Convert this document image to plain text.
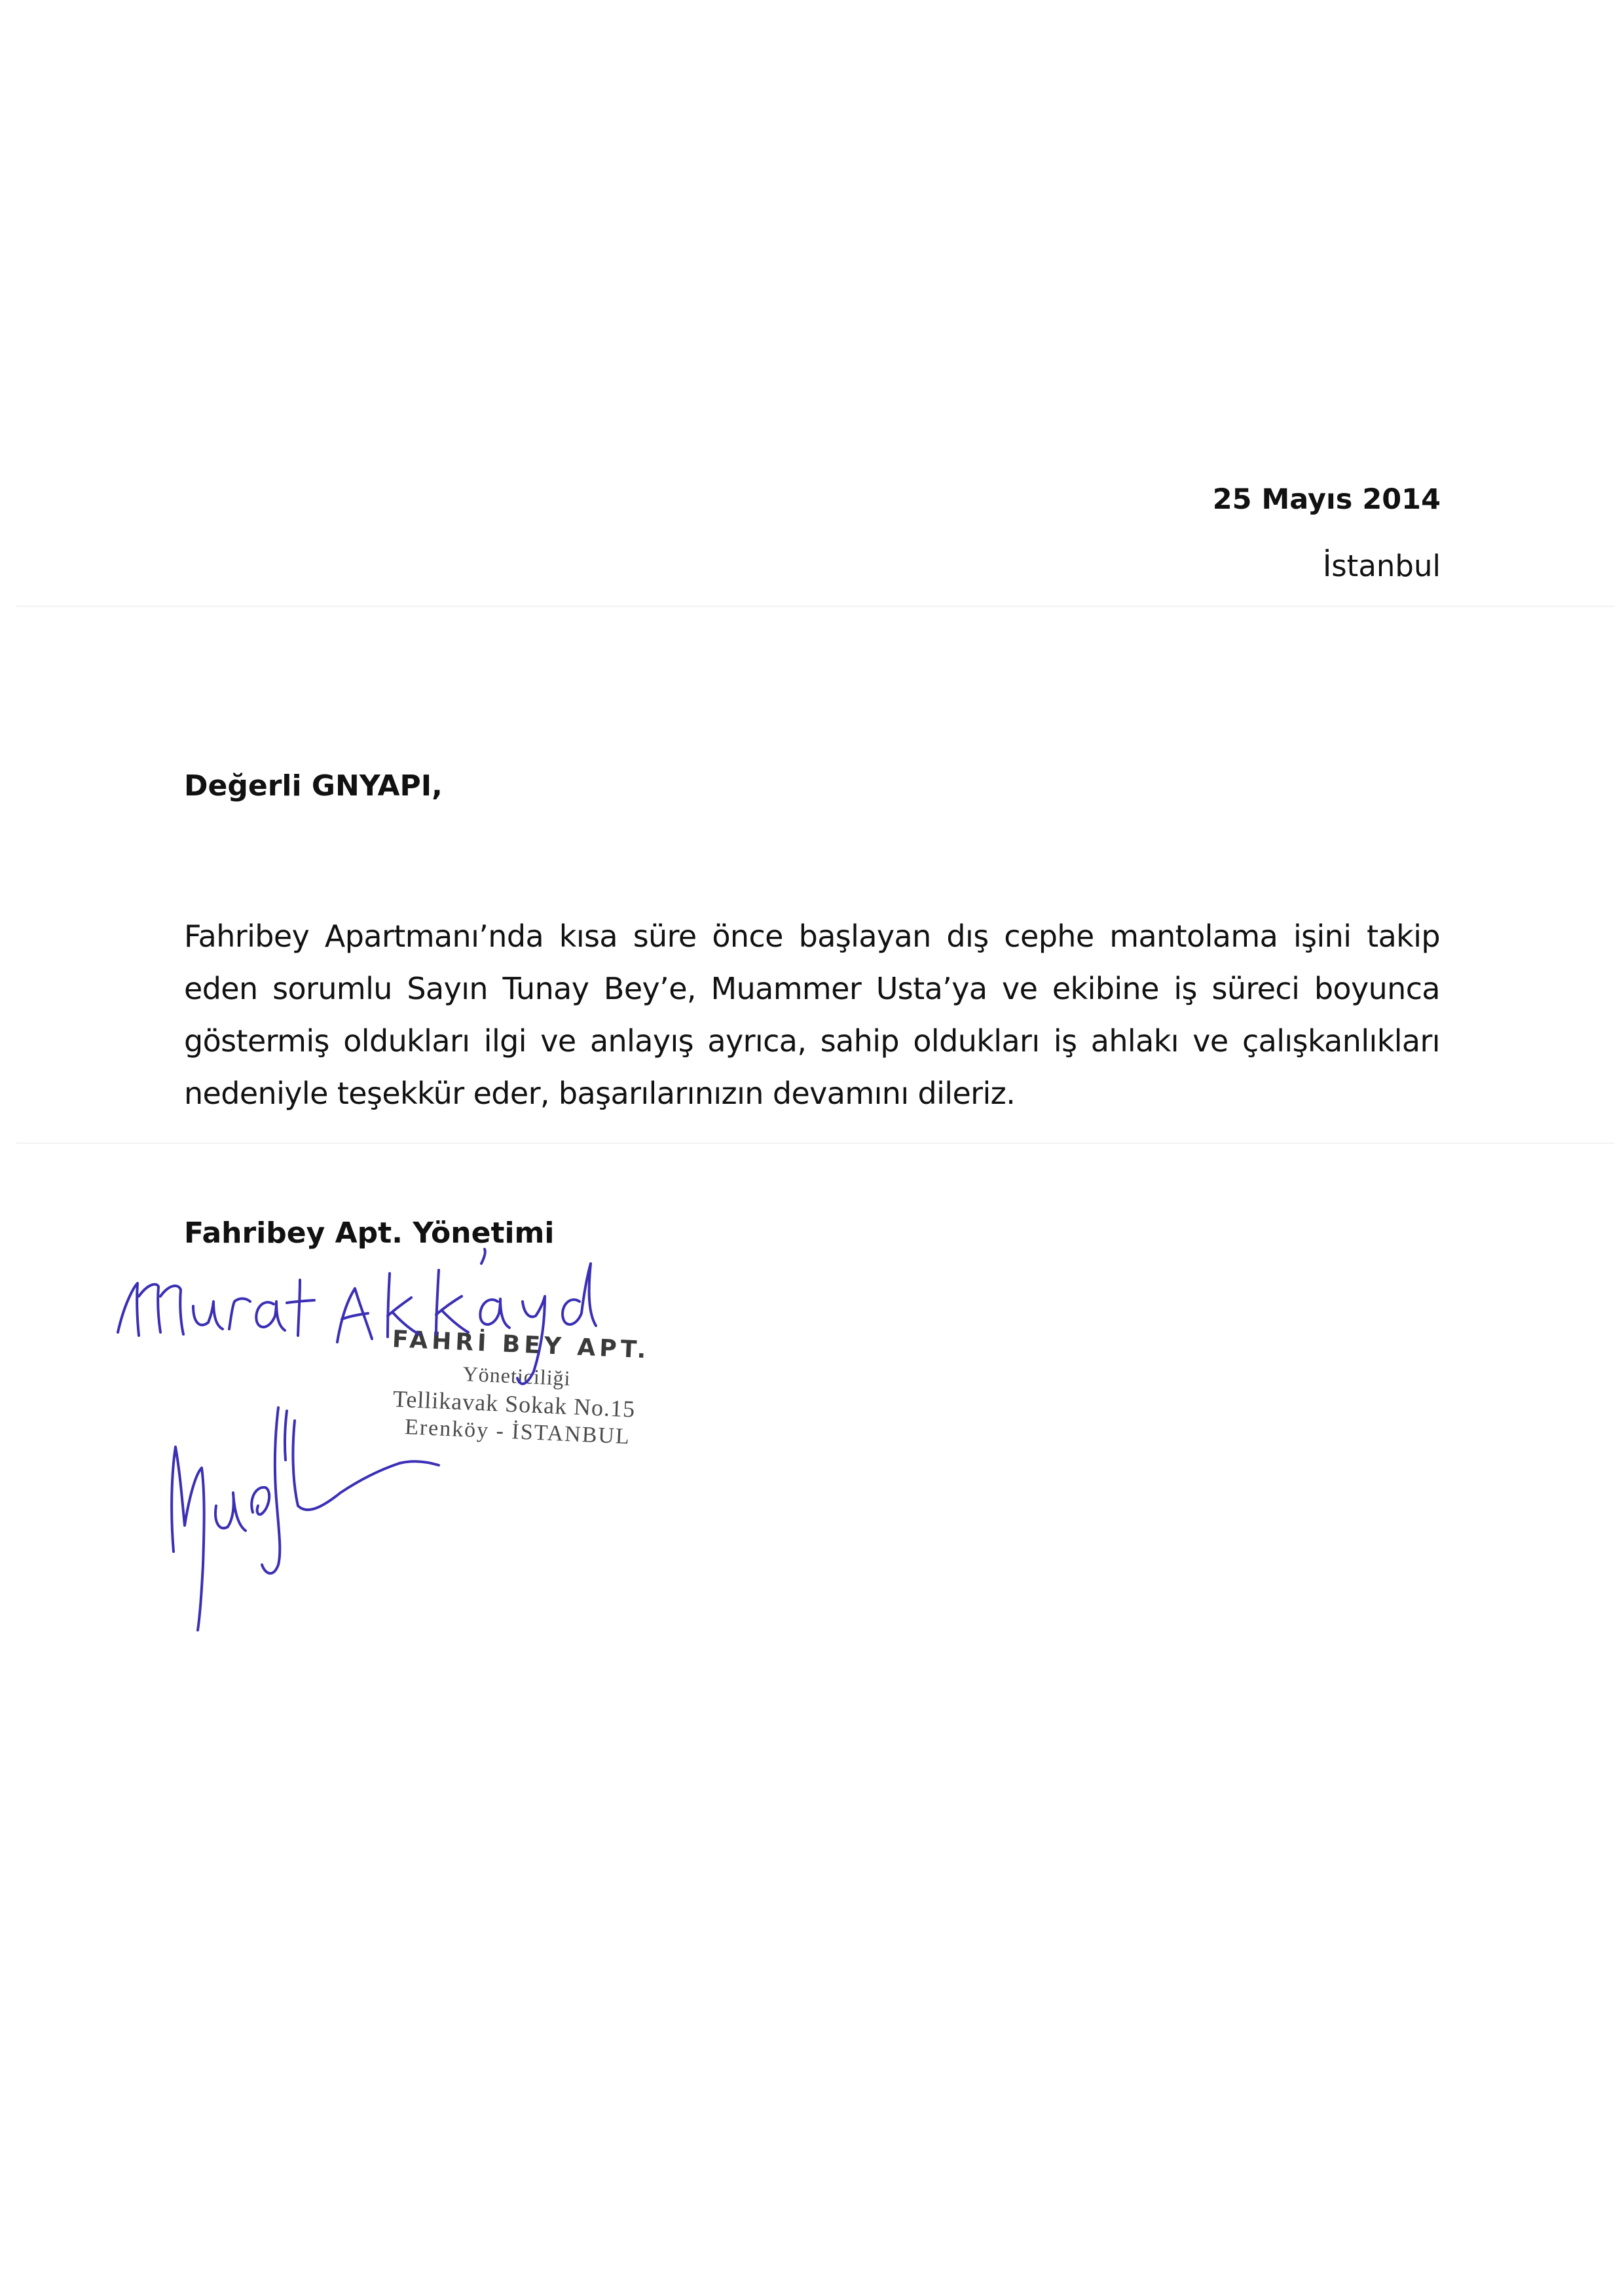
25 Mayıs 2014
İstanbul
Değerli GNYAPI,
Fahribey Apartmanı’nda kısa süre önce başlayan dış cephe mantolama işini takip eden sorumlu Sayın Tunay Bey’e, Muammer Usta’ya ve ekibine iş süreci boyunca göstermiş oldukları ilgi ve anlayış ayrıca, sahip oldukları iş ahlakı ve çalışkanlıkları nedeniyle teşekkür eder, başarılarınızın devamını dileriz.
Fahribey Apt. Yönetimi
FAHRİ BEY APT.
Yöneticiliği
Tellikavak Sokak No.15
Erenköy - İSTANBUL
